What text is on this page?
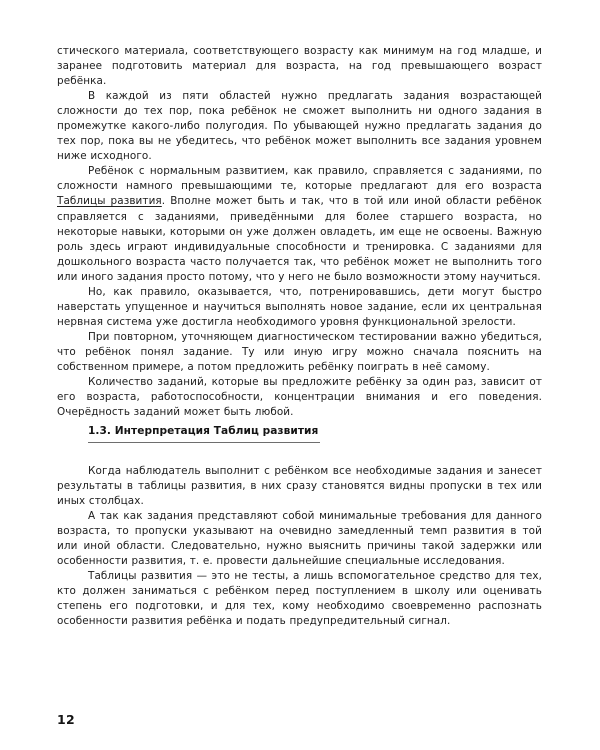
стического материала, соответствующего возрасту как минимум на год младше, и заранее подготовить материал для возраста, на год превышающего возраст ребёнка.

В каждой из пяти областей нужно предлагать задания возрастающей сложности до тех пор, пока ребёнок не сможет выполнить ни одного задания в промежутке какого-либо полугодия. По убывающей нужно предлагать задания до тех пор, пока вы не убедитесь, что ребёнок может выполнить все задания уровнем ниже исходного.

Ребёнок с нормальным развитием, как правило, справляется с заданиями, по сложности намного превышающими те, которые предлагают для его возраста Таблицы развития. Вполне может быть и так, что в той или иной области ребёнок справляется с заданиями, приведёнными для более старшего возраста, но некоторые навыки, которыми он уже должен овладеть, им еще не освоены. Важную роль здесь играют индивидуальные способности и тренировка. С заданиями для дошкольного возраста часто получается так, что ребёнок может не выполнить того или иного задания просто потому, что у него не было возможности этому научиться.

Но, как правило, оказывается, что, потренировавшись, дети могут быстро наверстать упущенное и научиться выполнять новое задание, если их центральная нервная система уже достигла необходимого уровня функциональной зрелости.

При повторном, уточняющем диагностическом тестировании важно убедиться, что ребёнок понял задание. Ту или иную игру можно сначала пояснить на собственном примере, а потом предложить ребёнку поиграть в неё самому.

Количество заданий, которые вы предложите ребёнку за один раз, зависит от его возраста, работоспособности, концентрации внимания и его поведения. Очерёдность заданий может быть любой.

1.3. Интерпретация Таблиц развития

Когда наблюдатель выполнит с ребёнком все необходимые задания и занесет результаты в таблицы развития, в них сразу становятся видны пропуски в тех или иных столбцах.

А так как задания представляют собой минимальные требования для данного возраста, то пропуски указывают на очевидно замедленный темп развития в той или иной области. Следовательно, нужно выяснить причины такой задержки или особенности развития, т. е. провести дальнейшие специальные исследования.

Таблицы развития — это не тесты, а лишь вспомогательное средство для тех, кто должен заниматься с ребёнком перед поступлением в школу или оценивать степень его подготовки, и для тех, кому необходимо своевременно распознать особенности развития ребёнка и подать предупредительный сигнал.

12
